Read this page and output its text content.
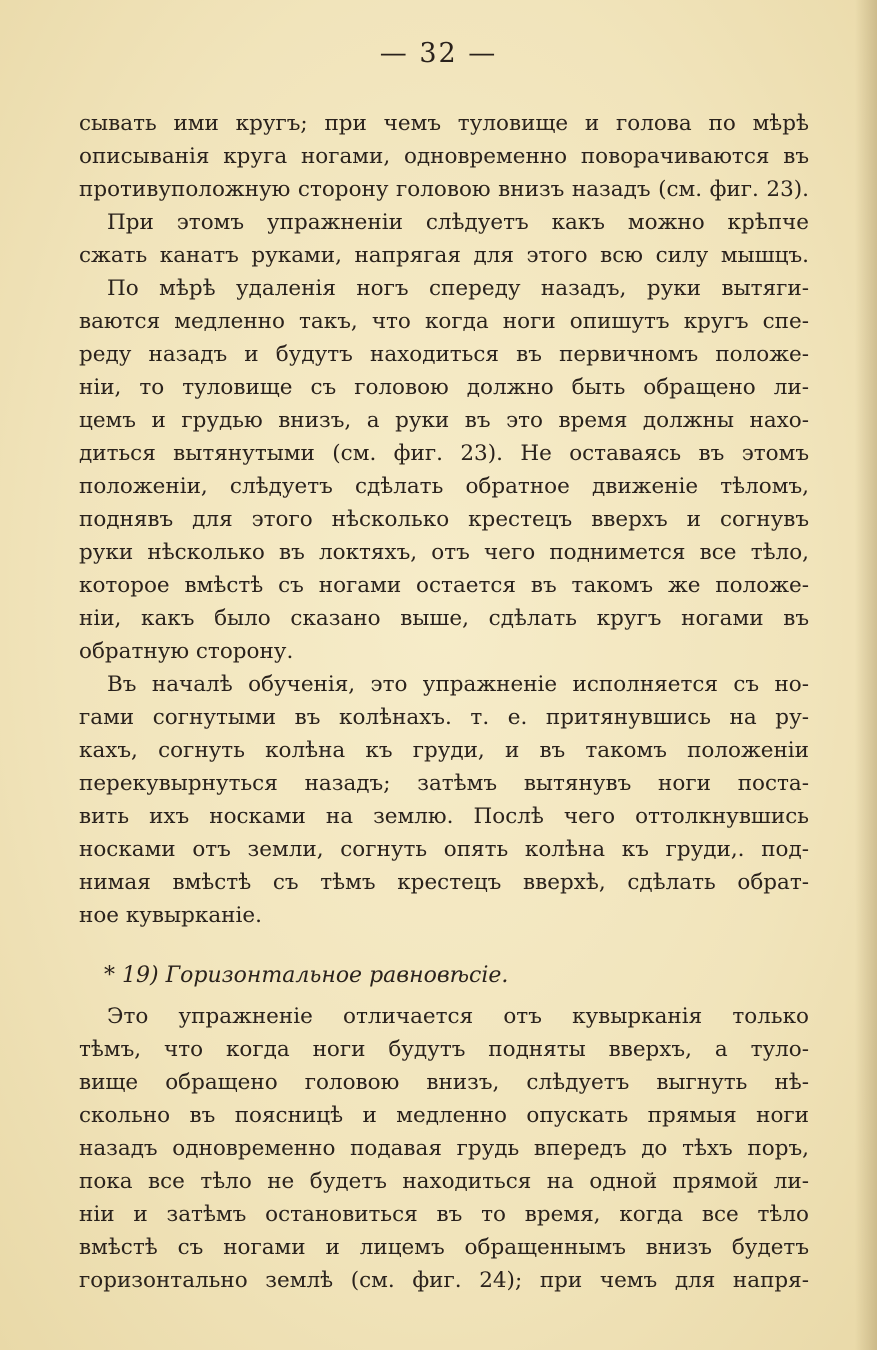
— 32 —
сывать ими кругъ; при чемъ туловище и голова по мѣрѣ
описыванія круга ногами, одновременно поворачиваются въ
противуположную сторону головою внизъ назадъ (см. фиг. 23).
При этомъ упражненіи слѣдуетъ какъ можно крѣпче
сжать канатъ руками, напрягая для этого всю силу мышцъ.
По мѣрѣ удаленія ногъ спереду назадъ, руки вытяги-
ваются медленно такъ, что когда ноги опишутъ кругъ спе-
реду назадъ и будутъ находиться въ первичномъ положе-
ніи, то туловище съ головою должно быть обращено ли-
цемъ и грудью внизъ, а руки въ это время должны нахо-
диться вытянутыми (см. фиг. 23). Не оставаясь въ этомъ
положеніи, слѣдуетъ сдѣлать обратное движеніе тѣломъ,
поднявъ для этого нѣсколько крестецъ вверхъ и согнувъ
руки нѣсколько въ локтяхъ, отъ чего поднимется все тѣло,
которое вмѣстѣ съ ногами остается въ такомъ же положе-
ніи, какъ было сказано выше, сдѣлать кругъ ногами въ
обратную сторону.
Въ началѣ обученія, это упражненіе исполняется съ но-
гами согнутыми въ колѣнахъ. т. е. притянувшись на ру-
кахъ, согнуть колѣна къ груди, и въ такомъ положеніи
перекувырнуться назадъ; затѣмъ вытянувъ ноги поста-
вить ихъ носками на землю. Послѣ чего оттолкнувшись
носками отъ земли, согнуть опять колѣна къ груди,. под-
нимая вмѣстѣ съ тѣмъ крестецъ вверхѣ, сдѣлать обрат-
ное кувырканіе.
* 19) Горизонтальное равновѣсіе.
Это упражненіе отличается отъ кувырканія только
тѣмъ, что когда ноги будутъ подняты вверхъ, а туло-
вище обращено головою внизъ, слѣдуетъ выгнуть нѣ-
скольно въ поясницѣ и медленно опускать прямыя ноги
назадъ одновременно подавая грудь впередъ до тѣхъ поръ,
пока все тѣло не будетъ находиться на одной прямой ли-
ніи и затѣмъ остановиться въ то время, когда все тѣло
вмѣстѣ съ ногами и лицемъ обращеннымъ внизъ будетъ
горизонтально землѣ (см. фиг. 24); при чемъ для напря-
